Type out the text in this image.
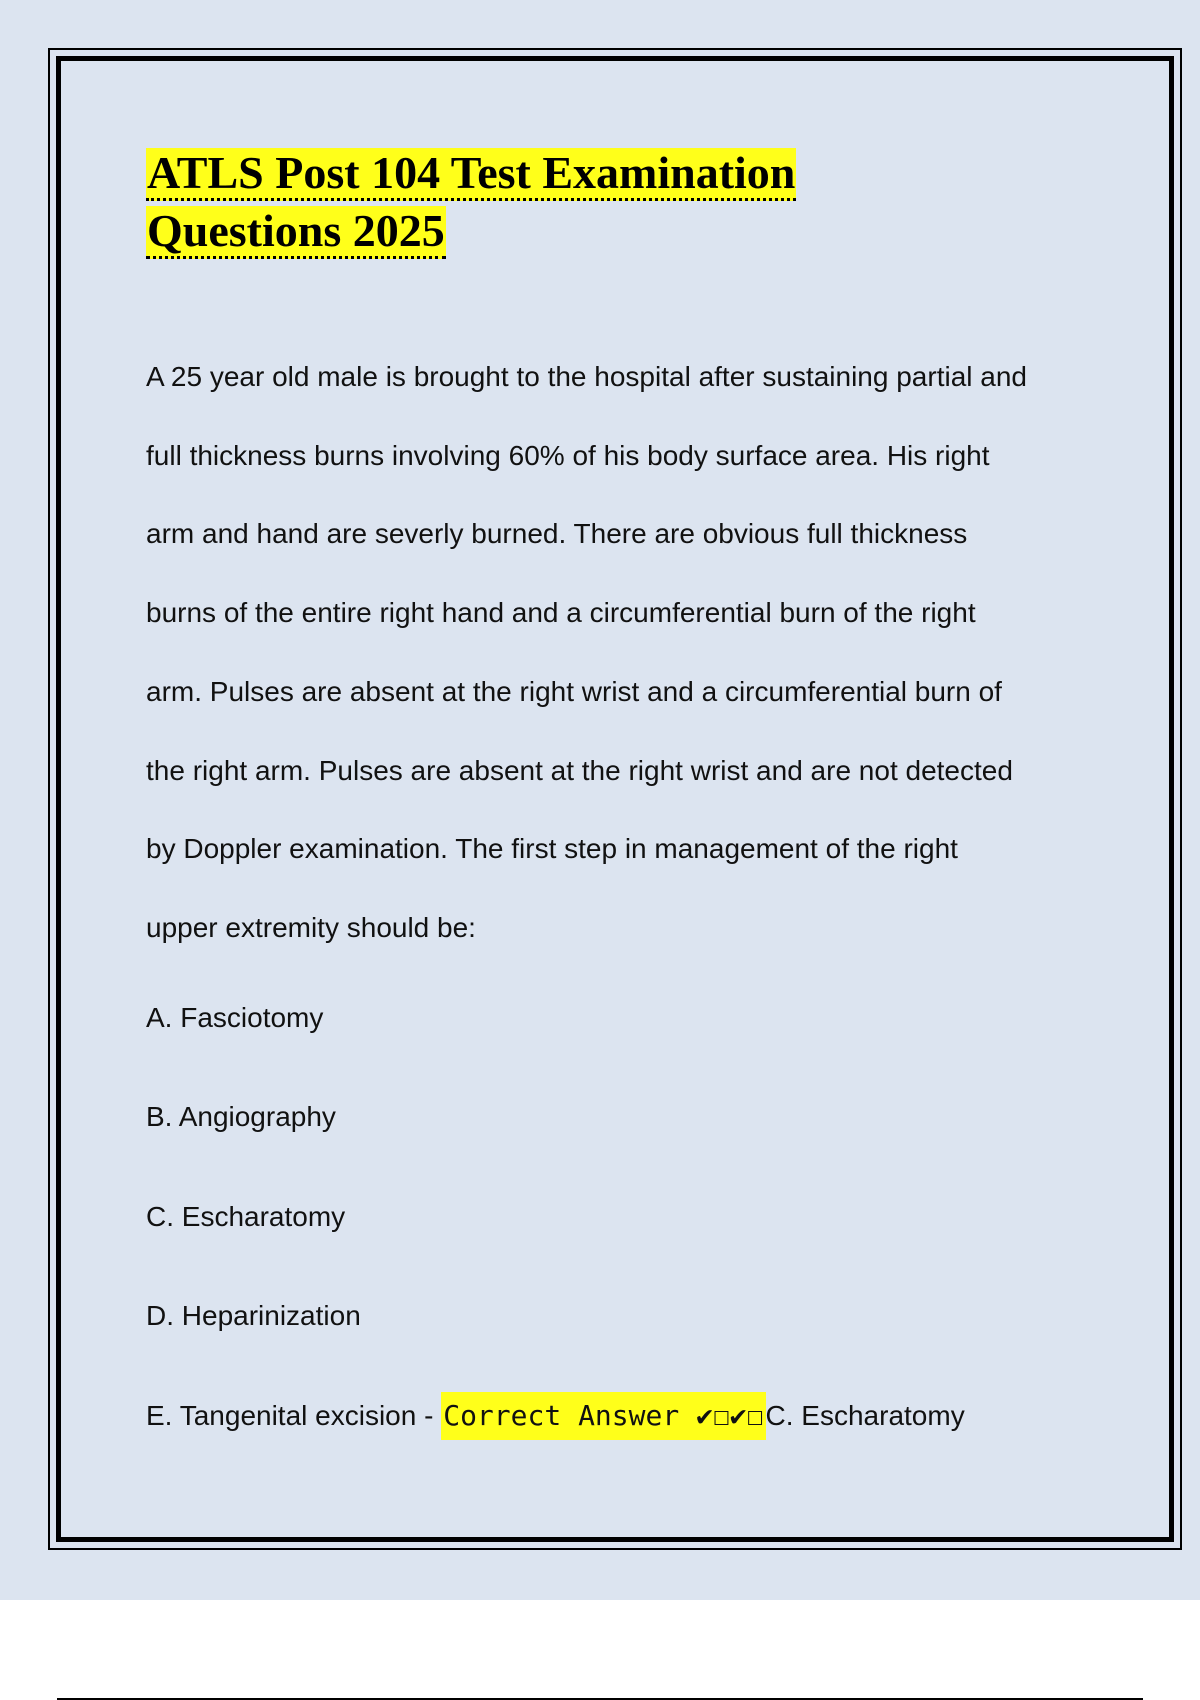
ATLS Post 104 Test Examination
Questions 2025
A 25 year old male is brought to the hospital after sustaining partial and
full thickness burns involving 60% of his body surface area. His right
arm and hand are severly burned. There are obvious full thickness
burns of the entire right hand and a circumferential burn of the right
arm. Pulses are absent at the right wrist and a circumferential burn of
the right arm. Pulses are absent at the right wrist and are not detected
by Doppler examination. The first step in management of the right
upper extremity should be:
A. Fasciotomy
B. Angiography
C. Escharatomy
D. Heparinization
E. Tangenital excision - Correct Answer ✔☐✔☐C. Escharatomy
